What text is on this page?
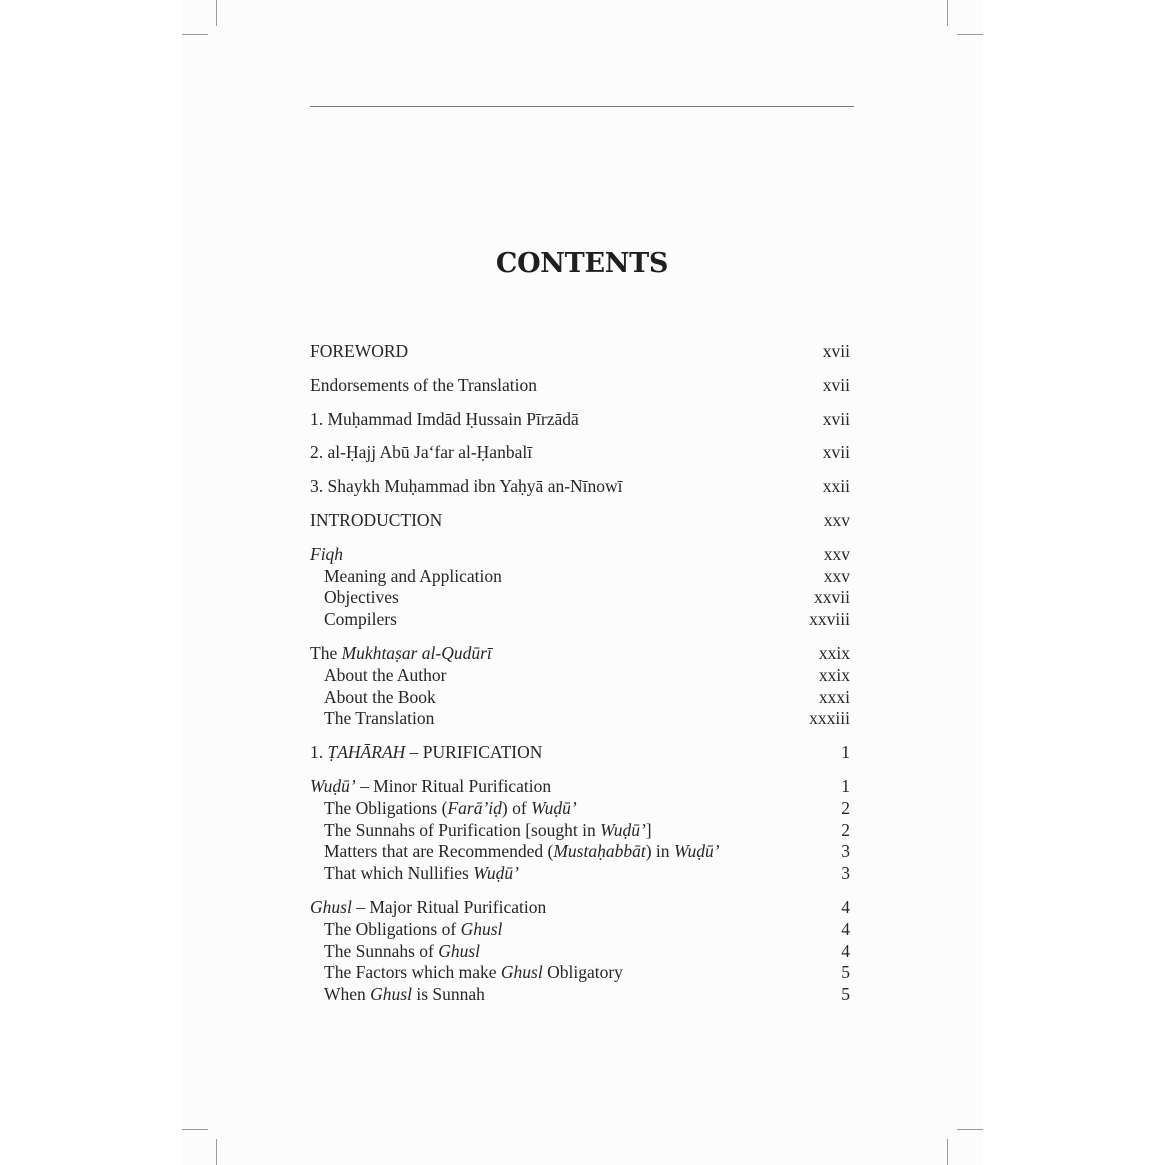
CONTENTS
FOREWORD	xvii
Endorsements of the Translation	xvii
1. Muḥammad Imdād Ḥussain Pīrzādā	xvii
2. al-Ḥajj Abū Ja‘far al-Ḥanbalī	xvii
3. Shaykh Muḥammad ibn Yaḥyā an-Nīnowī	xxii
INTRODUCTION	xxv
Fiqh	xxv
Meaning and Application	xxv
Objectives	xxvii
Compilers	xxviii
The Mukhtaṣar al-Qudūrī	xxix
About the Author	xxix
About the Book	xxxi
The Translation	xxxiii
1. ṬAHĀRAH – PURIFICATION	1
Wuḍū’ – Minor Ritual Purification	1
The Obligations (Farā’iḍ) of Wuḍū’	2
The Sunnahs of Purification [sought in Wuḍū’]	2
Matters that are Recommended (Mustaḥabbāt) in Wuḍū’	3
That which Nullifies Wuḍū’	3
Ghusl – Major Ritual Purification	4
The Obligations of Ghusl	4
The Sunnahs of Ghusl	4
The Factors which make Ghusl Obligatory	5
When Ghusl is Sunnah	5
